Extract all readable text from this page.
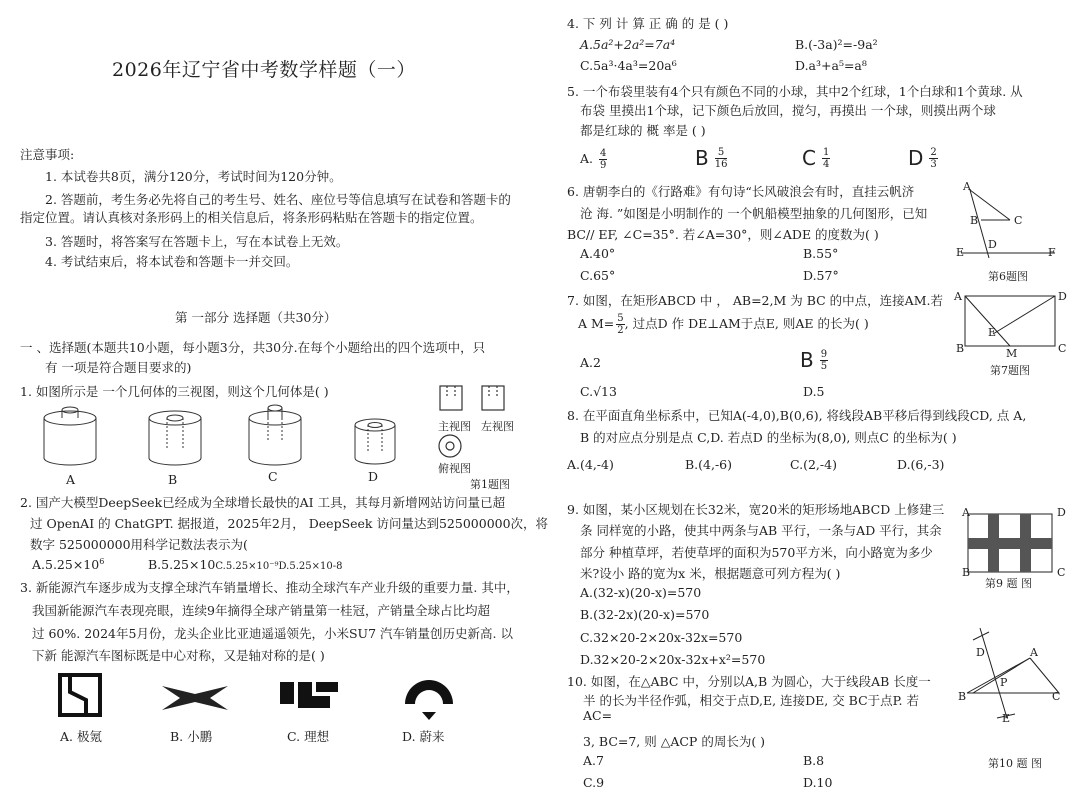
2026年辽宁省中考数学样题（一）
注意事项:
1. 本试卷共8页，满分120分，考试时间为120分钟。
2. 答题前，考生务必先将自己的考生号、姓名、座位号等信息填写在试卷和答题卡的
指定位置。请认真核对条形码上的相关信息后，将条形码粘贴在答题卡的指定位置。
3. 答题时，将答案写在答题卡上，写在本试卷上无效。
4. 考试结束后，将本试卷和答题卡一并交回。
第 一部分 选择题（共30分）
一 、选择题(本题共10小题，每小题3分，共30分.在每个小题给出的四个选项中，只
有 一项是符合题目要求的)
1. 如图所示是 一个几何体的三视图，则这个几何体是( )
A	B	C	D
主视图 左视图
俯视图
第1题图
2. 国产大模型DeepSeek已经成为全球增长最快的AI 工具，其每月新增网站访问量已超
过 OpenAI 的 ChatGPT. 据报道，2025年2月， DeepSeek 访问量达到525000000次，将
数字 525000000用科学记数法表示为(
$A.5.25\times 10^6$	B.5.25×10C.5.25×10⁻⁹D.5.25×10-8
3. 新能源汽车逐步成为支撑全球汽车销量增长、推动全球汽车产业升级的重要力量. 其中，
我国新能源汽车表现亮眼，连续9年摘得全球产销量第一桂冠，产销量全球占比均超
过 60%. 2024年5月份，龙头企业比亚迪遥遥领先，小米SU7 汽车销量创历史新高. 以
下新 能源汽车图标既是中心对称，又是轴对称的是( )
A. 极氪	B. 小鹏	C. 理想	D. 蔚来
4. 下 列 计 算 正 确 的 是 ( )
A.5a²+2a²=7a⁴	B.(-3a)²=-9a²
C.5a³·4a³=20a⁶	D.a³+a⁵=a⁸
5. 一个布袋里装有4个只有颜色不同的小球，其中2个红球，1个白球和1个黄球. 从
布袋 里摸出1个球，记下颜色后放回，搅匀，再摸出 一个球，则摸出两个球
都是红球的 概 率是 ( )
A. $\frac{4}{9}$	B $\frac{5}{16}$	C $\frac{1}{4}$	D $\frac{2}{3}$
6. 唐朝李白的《行路难》有句诗“长风破浪会有时，直挂云帆济
沧 海. ”如图是小明制作的 一个帆船模型抽象的几何图形，已知
BC// EF, ∠C=35°. 若∠A=30°，则∠ADE 的度数为( )
A.40°	B.55°
C.65°	D.57°
A
B	C
D
E	F
第6题图
7. 如图，在矩形ABCD 中 ， AB=2,M 为 BC 的中点，连接AM.若
A $M= \frac{5}{2}$ , 过点D 作 DE⊥AM于点E, 则AE 的长为( )
A.2	B $\frac{9}{5}$
C.√13	D.5
A	D
E
B	M	C
第7题图
8. 在平面直角坐标系中，已知A(-4,0),B(0,6), 将线段AB平移后得到线段CD, 点 A,
B 的对应点分别是点 C,D. 若点D 的坐标为(8,0), 则点C 的坐标为( )
A.(4,-4)	B.(4,-6)	C.(2,-4)	D.(6,-3)
9. 如图，某小区规划在长32米，宽20米的矩形场地ABCD 上修建三
条 同样宽的小路，使其中两条与AB 平行，一条与AD 平行，其余
部分 种植草坪，若使草坪的面积为570平方米，向小路宽为多少
米?设小 路的宽为x 米，根据题意可列方程为( )
A.(32-x)(20-x)=570
B.(32-2x)(20-x)=570
C.32×20-2×20x-32x=570
D.32×20-2×20x-32x+x²=570
A	D
B	C
第9 题 图
10. 如图，在△ABC 中，分别以A,B 为圆心，大于线段AB 长度一
半 的长为半径作弧，相交于点D,E, 连接DE, 交 BC于点P. 若
AC=
3, BC=7, 则 △ACP 的周长为( )
A.7	B.8
C.9	D.10
D	A
P
B	C
E
第10 题 图
